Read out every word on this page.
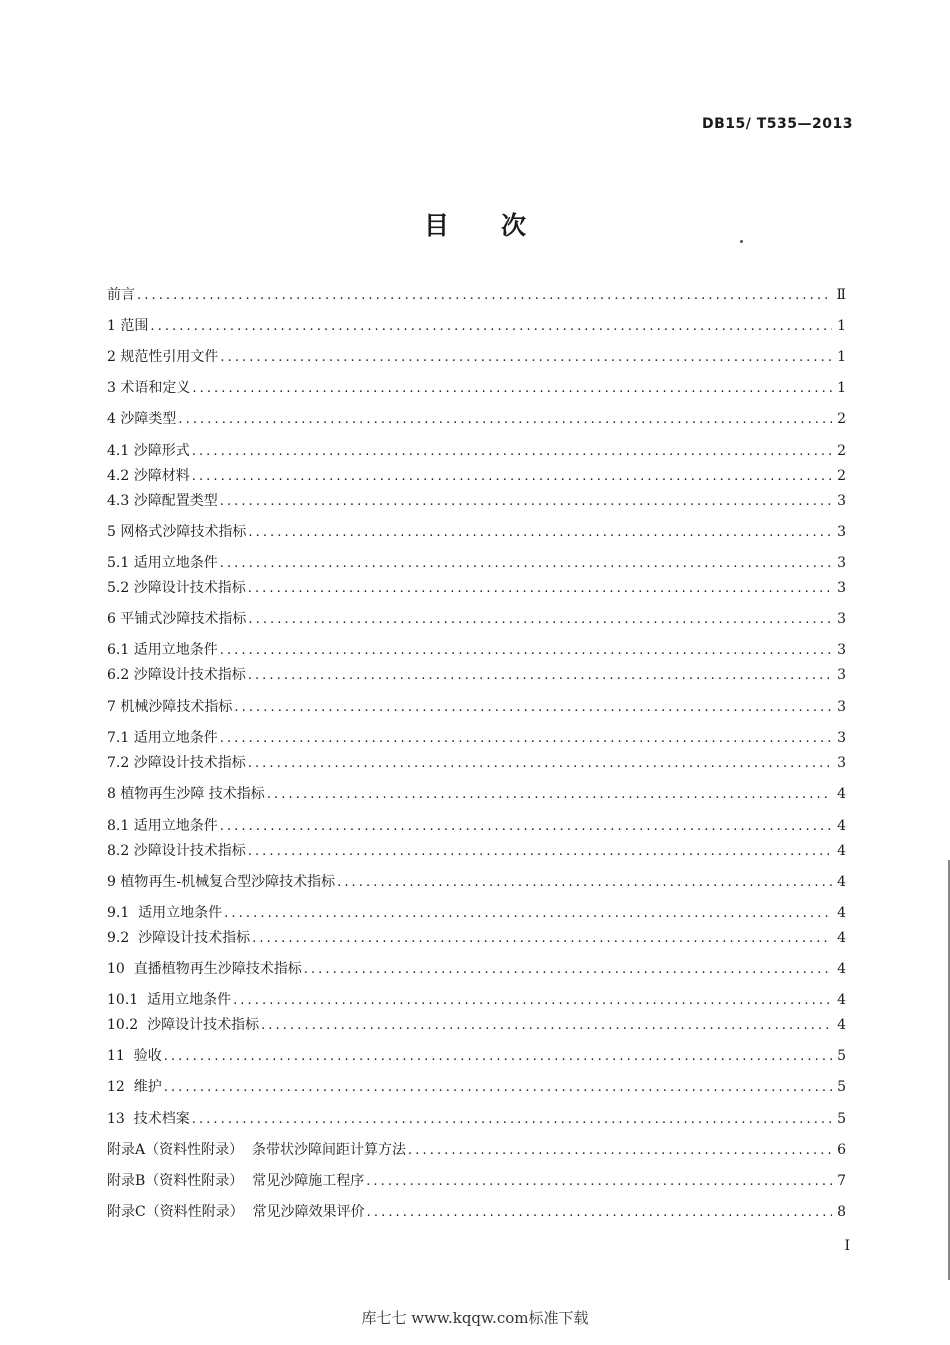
DB15/ T535—2013
目 次
前言 .....	Ⅱ
1 范围 .....	1
2 规范性引用文件 .....	1
3 术语和定义 .....	1
4 沙障类型 .....	2
4.1 沙障形式 .....	2
4.2 沙障材料 .....	2
4.3 沙障配置类型 .....	3
5 网格式沙障技术指标 .....	3
5.1 适用立地条件 .....	3
5.2 沙障设计技术指标 .....	3
6 平铺式沙障技术指标 .....	3
6.1 适用立地条件 .....	3
6.2 沙障设计技术指标 .....	3
7 机械沙障技术指标 .....	3
7.1 适用立地条件 .....	3
7.2 沙障设计技术指标 .....	3
8 植物再生沙障 技术指标 .....	4
8.1 适用立地条件 .....	4
8.2 沙障设计技术指标 .....	4
9 植物再生-机械复合型沙障技术指标 .....	4
9.1 适用立地条件 .....	4
9.2 沙障设计技术指标 .....	4
10 直播植物再生沙障技术指标 .....	4
10.1 适用立地条件 .....	4
10.2 沙障设计技术指标 .....	4
11 验收 .....	5
12 维护 .....	5
13 技术档案 .....	5
附录A（资料性附录） 条带状沙障间距计算方法 .....	6
附录B（资料性附录） 常见沙障施工程序 .....	7
附录C（资料性附录） 常见沙障效果评价 .....	8
I
库七七 www.kqqw.com标准下载
